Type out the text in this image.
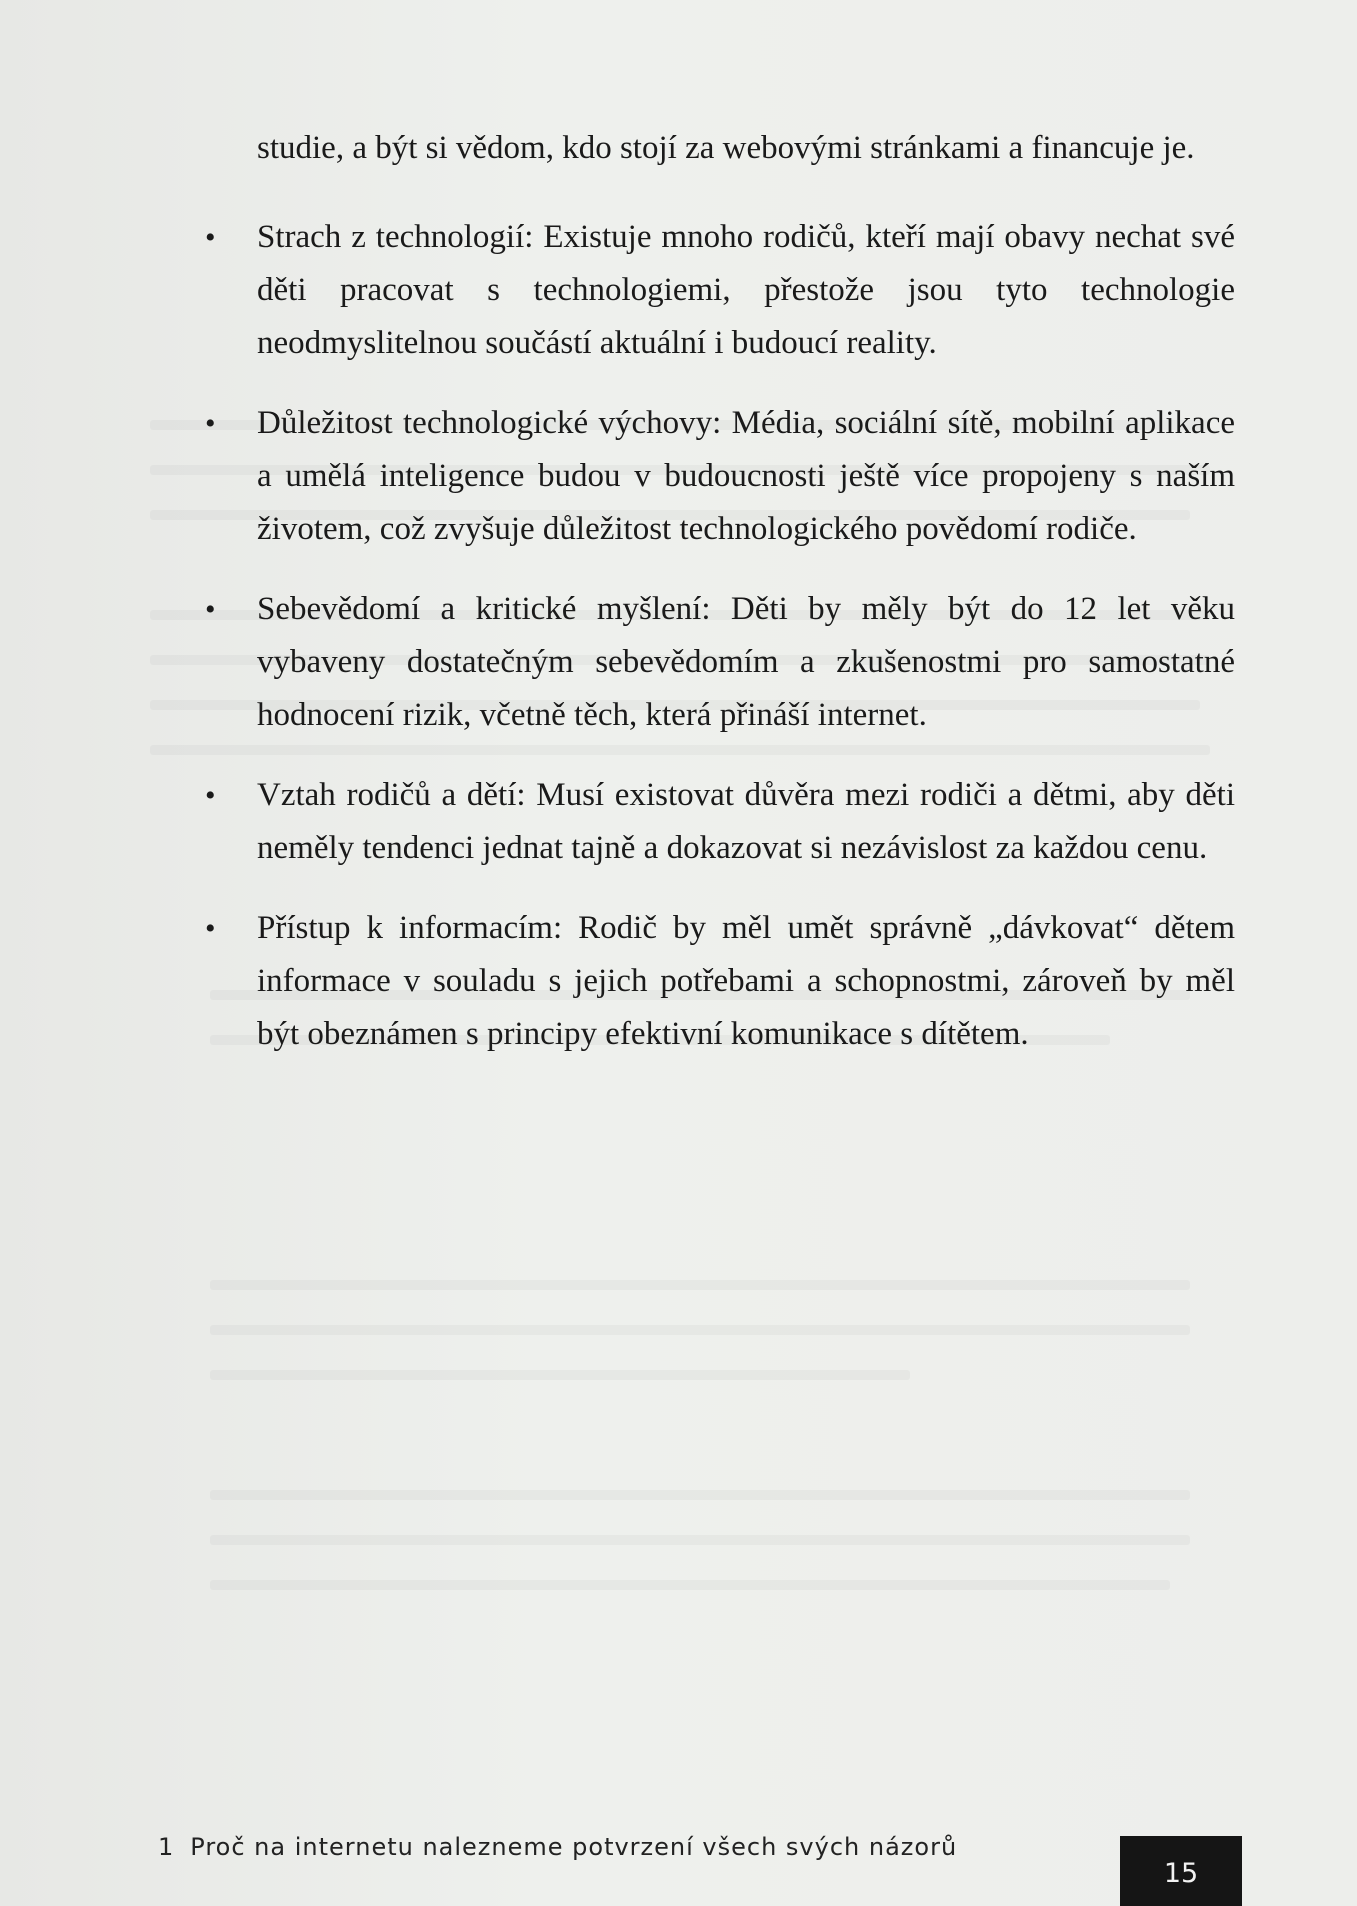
studie, a být si vědom, kdo stojí za webovými stránkami a financuje je.

• Strach z technologií: Existuje mnoho rodičů, kteří mají obavy nechat své děti pracovat s technologiemi, přestože jsou tyto technologie neodmyslitelnou součástí aktuální i budoucí reality.
• Důležitost technologické výchovy: Média, sociální sítě, mobilní aplikace a umělá inteligence budou v budoucnosti ještě více propojeny s naším životem, což zvyšuje důležitost technologického povědomí rodiče.
• Sebevědomí a kritické myšlení: Děti by měly být do 12 let věku vybaveny dostatečným sebevědomím a zkušenostmi pro samostatné hodnocení rizik, včetně těch, která přináší internet.
• Vztah rodičů a dětí: Musí existovat důvěra mezi rodiči a dětmi, aby děti neměly tendenci jednat tajně a dokazovat si nezávislost za každou cenu.
• Přístup k informacím: Rodič by měl umět správně „dávkovat“ dětem informace v souladu s jejich potřebami a schopnostmi, zároveň by měl být obeznámen s principy efektivní komunikace s dítětem.
1 Proč na internetu nalezneme potvrzení všech svých názorů
15
